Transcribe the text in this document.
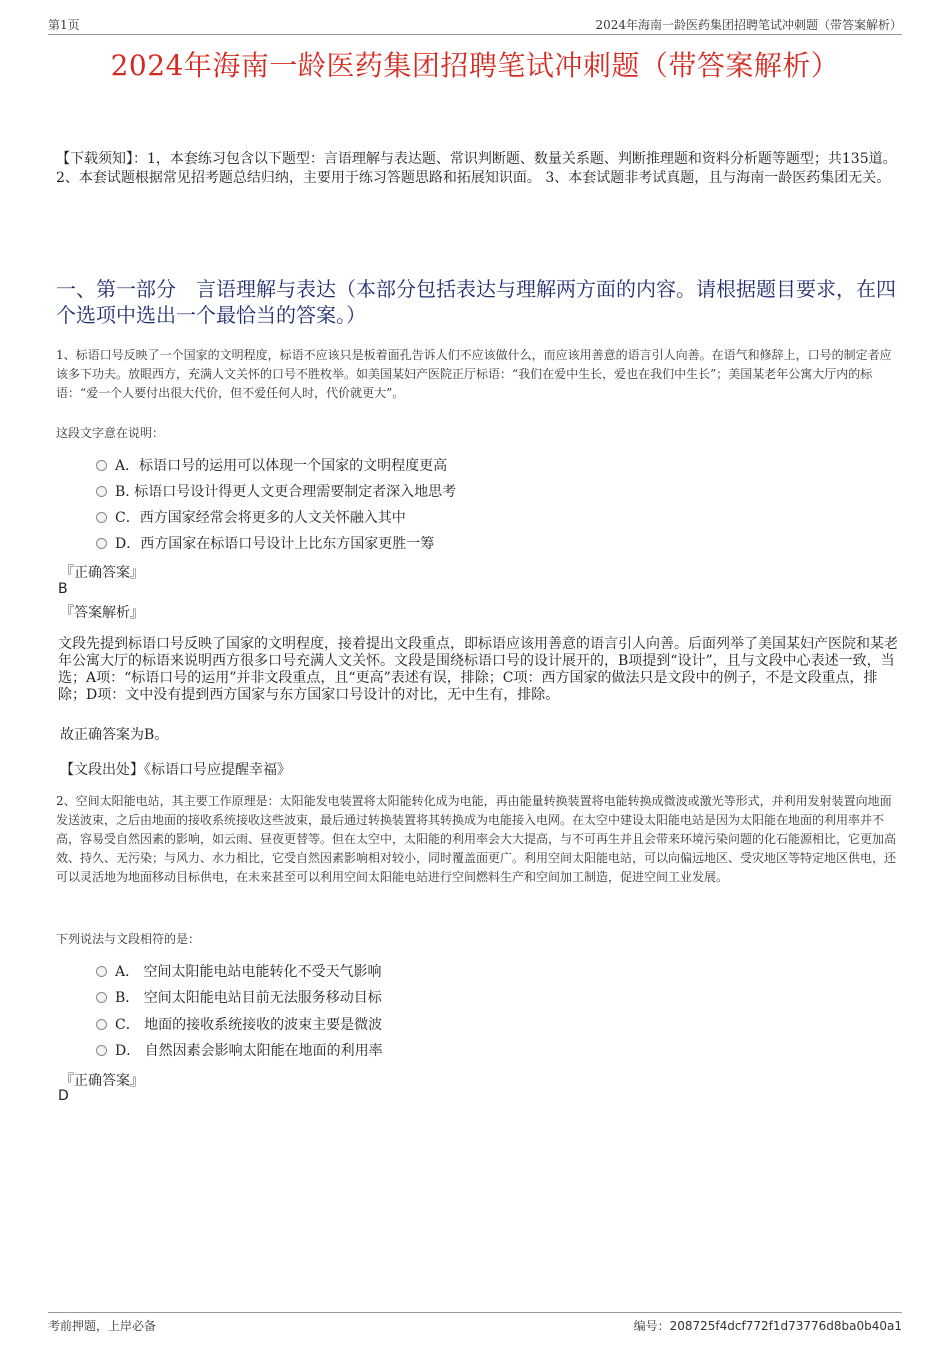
第1页	2024年海南一龄医药集团招聘笔试冲刺题（带答案解析）
2024年海南一龄医药集团招聘笔试冲刺题（带答案解析）
【下载须知】：1，本套练习包含以下题型：言语理解与表达题、常识判断题、数量关系题、判断推理题和资料分析题等题型；共135道。 2、本套试题根据常见招考题总结归纳，主要用于练习答题思路和拓展知识面。 3、本套试题非考试真题，且与海南一龄医药集团无关。
一、第一部分　言语理解与表达（本部分包括表达与理解两方面的内容。请根据题目要求，在四个选项中选出一个最恰当的答案。）
1、标语口号反映了一个国家的文明程度，标语不应该只是板着面孔告诉人们不应该做什么，而应该用善意的语言引人向善。在语气和修辞上，口号的制定者应该多下功夫。放眼西方，充满人文关怀的口号不胜枚举。如美国某妇产医院正厅标语：“我们在爱中生长，爱也在我们中生长”；美国某老年公寓大厅内的标语：“爱一个人要付出很大代价，但不爱任何人时，代价就更大”。
这段文字意在说明：
A．标语口号的运用可以体现一个国家的文明程度更高
B. 标语口号设计得更人文更合理需要制定者深入地思考
C．西方国家经常会将更多的人文关怀融入其中
D．西方国家在标语口号设计上比东方国家更胜一筹
『正确答案』
B
『答案解析』
文段先提到标语口号反映了国家的文明程度，接着提出文段重点，即标语应该用善意的语言引人向善。后面列举了美国某妇产医院和某老年公寓大厅的标语来说明西方很多口号充满人文关怀。文段是围绕标语口号的设计展开的，B项提到“设计”，且与文段中心表述一致，当选；A项：“标语口号的运用”并非文段重点，且“更高”表述有误，排除；C项：西方国家的做法只是文段中的例子，不是文段重点，排除；D项：文中没有提到西方国家与东方国家口号设计的对比，无中生有，排除。
故正确答案为B。
【文段出处】《标语口号应提醒幸福》
2、空间太阳能电站，其主要工作原理是：太阳能发电装置将太阳能转化成为电能，再由能量转换装置将电能转换成微波或激光等形式，并利用发射装置向地面发送波束，之后由地面的接收系统接收这些波束，最后通过转换装置将其转换成为电能接入电网。在太空中建设太阳能电站是因为太阳能在地面的利用率并不高，容易受自然因素的影响，如云雨、昼夜更替等。但在太空中，太阳能的利用率会大大提高，与不可再生并且会带来环境污染问题的化石能源相比，它更加高效、持久、无污染；与风力、水力相比，它受自然因素影响相对较小，同时覆盖面更广。利用空间太阳能电站，可以向偏远地区、受灾地区等特定地区供电，还可以灵活地为地面移动目标供电，在未来甚至可以利用空间太阳能电站进行空间燃料生产和空间加工制造，促进空间工业发展。
下列说法与文段相符的是：
A． 空间太阳能电站电能转化不受天气影响
B． 空间太阳能电站目前无法服务移动目标
C． 地面的接收系统接收的波束主要是微波
D． 自然因素会影响太阳能在地面的利用率
『正确答案』
D
考前押题，上岸必备	编号：208725f4dcf772f1d73776d8ba0b40a1
